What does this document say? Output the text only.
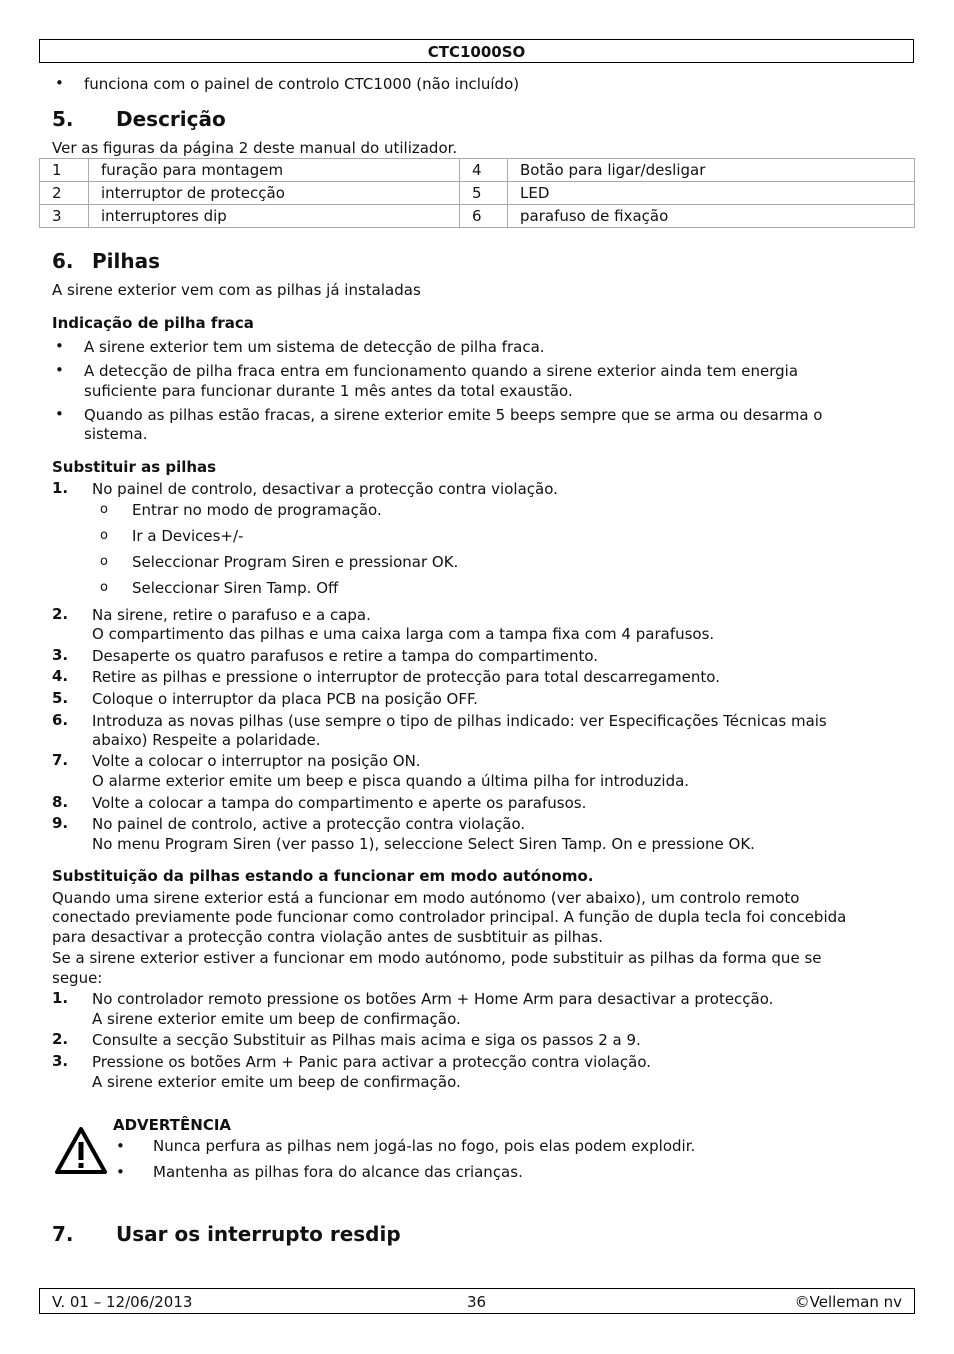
CTC1000SO
• funciona com o painel de controlo CTC1000 (não incluído)
5. Descrição
Ver as figuras da página 2 deste manual do utilizador.
1	furação para montagem	4	Botão para ligar/desligar
2	interruptor de protecção	5	LED
3	interruptores dip	6	parafuso de fixação
6. Pilhas
A sirene exterior vem com as pilhas já instaladas
Indicação de pilha fraca
• A sirene exterior tem um sistema de detecção de pilha fraca.
• A detecção de pilha fraca entra em funcionamento quando a sirene exterior ainda tem energia
suficiente para funcionar durante 1 mês antes da total exaustão.
• Quando as pilhas estão fracas, a sirene exterior emite 5 beeps sempre que se arma ou desarma o
sistema.
Substituir as pilhas
1. No painel de controlo, desactivar a protecção contra violação.
o Entrar no modo de programação.
o Ir a Devices+/-
o Seleccionar Program Siren e pressionar OK.
o Seleccionar Siren Tamp. Off
2. Na sirene, retire o parafuso e a capa.
O compartimento das pilhas e uma caixa larga com a tampa fixa com 4 parafusos.
3. Desaperte os quatro parafusos e retire a tampa do compartimento.
4. Retire as pilhas e pressione o interruptor de protecção para total descarregamento.
5. Coloque o interruptor da placa PCB na posição OFF.
6. Introduza as novas pilhas (use sempre o tipo de pilhas indicado: ver Especificações Técnicas mais
abaixo) Respeite a polaridade.
7. Volte a colocar o interruptor na posição ON.
O alarme exterior emite um beep e pisca quando a última pilha for introduzida.
8. Volte a colocar a tampa do compartimento e aperte os parafusos.
9. No painel de controlo, active a protecção contra violação.
No menu Program Siren (ver passo 1), seleccione Select Siren Tamp. On e pressione OK.
Substituição da pilhas estando a funcionar em modo autónomo.
Quando uma sirene exterior está a funcionar em modo autónomo (ver abaixo), um controlo remoto
conectado previamente pode funcionar como controlador principal. A função de dupla tecla foi concebida
para desactivar a protecção contra violação antes de susbtituir as pilhas.
Se a sirene exterior estiver a funcionar em modo autónomo, pode substituir as pilhas da forma que se
segue:
1. No controlador remoto pressione os botões Arm + Home Arm para desactivar a protecção.
A sirene exterior emite um beep de confirmação.
2. Consulte a secção Substituir as Pilhas mais acima e siga os passos 2 a 9.
3. Pressione os botões Arm + Panic para activar a protecção contra violação.
A sirene exterior emite um beep de confirmação.
ADVERTÊNCIA
• Nunca perfura as pilhas nem jogá-las no fogo, pois elas podem explodir.
• Mantenha as pilhas fora do alcance das crianças.
7. Usar os interrupto resdip
V. 01 – 12/06/2013	36	©Velleman nv
